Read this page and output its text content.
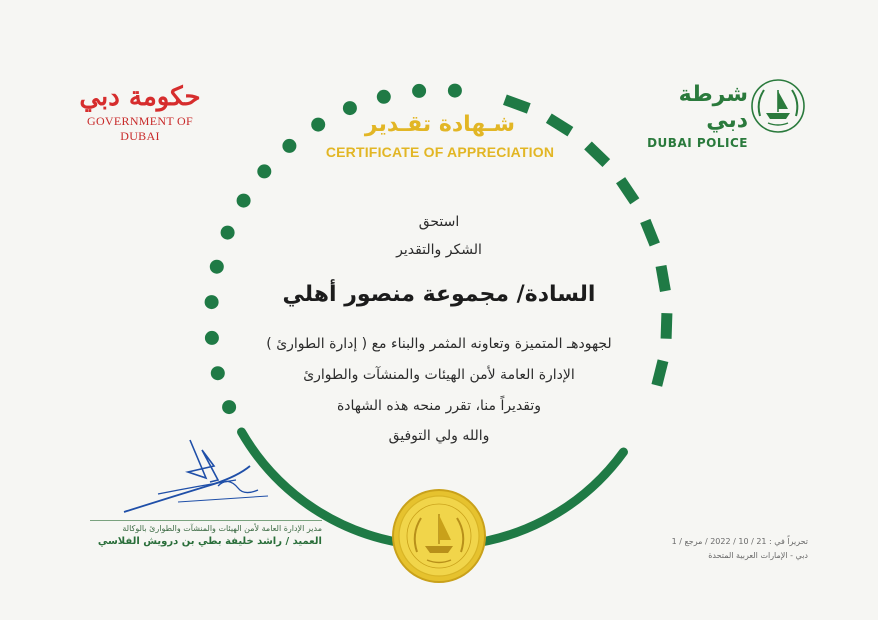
حكومة دبي
GOVERNMENT OF DUBAI
شرطة دبي
DUBAI POLICE
شـهادة تقـدير
CERTIFICATE OF APPRECIATION
استحق
الشكر والتقدير
السادة/ مجموعة منصور أهلي
لجهودهـ المتميزة وتعاونه المثمر والبناء مع ( إدارة الطوارئ )
الإدارة العامة لأمن الهيئات والمنشآت والطوارئ
وتقديراً منا، تقرر منحه هذه الشهادة
والله ولي التوفيق
مدير الإدارة العامة لأمن الهيئات والمنشآت والطوارئ بالوكالة
العميد / راشد خليفة بطي بن درويش الفلاسي	تحريراً في : 21 / 10 / 2022 / مرجع / 1
دبي - الإمارات العربية المتحدة
